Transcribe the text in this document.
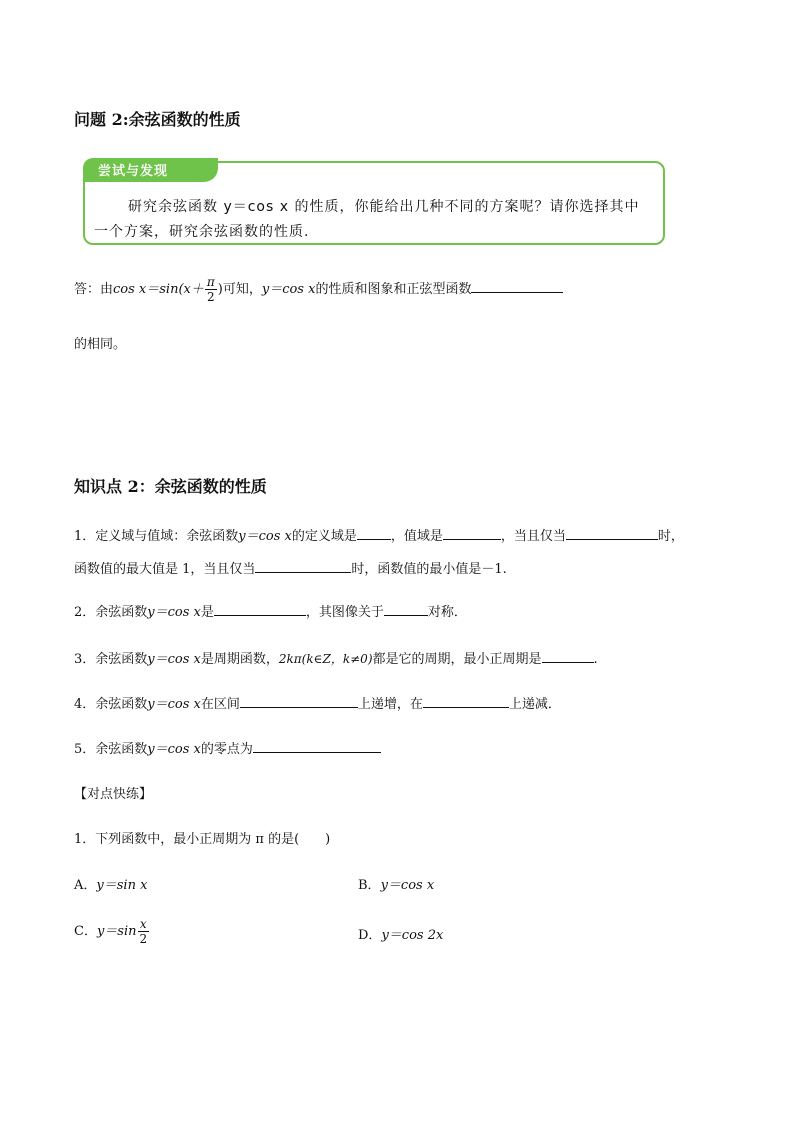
问题 2:余弦函数的性质
尝试与发现
研究余弦函数 y＝cos x 的性质，你能给出几种不同的方案呢？请你选择其中
一个方案，研究余弦函数的性质.
答：由$\cos x=\sin(x+ \frac{\pi}{2}$ )可知，y＝cos x的性质和图象和正弦型函数
的相同。
知识点 2：余弦函数的性质
1．定义域与值域：余弦函数y＝cos x的定义域是	，值域是	，当且仅当	时，
函数值的最大值是 1，当且仅当	时，函数值的最小值是－1.
2．余弦函数y＝cos x是	，其图像关于	对称．
3．余弦函数y＝cos x是周期函数，2kπ(k∈Z，k≠0)都是它的周期，最小正周期是	.
4．余弦函数y＝cos x在区间	上递增，在	上递减．
5．余弦函数y＝cos x的零点为
【对点快练】
1．下列函数中，最小正周期为 π 的是(　　)
A．y＝sin x	B．y＝cos x
C．$y=\sin \frac{x}{2}$	D．y＝cos 2x
